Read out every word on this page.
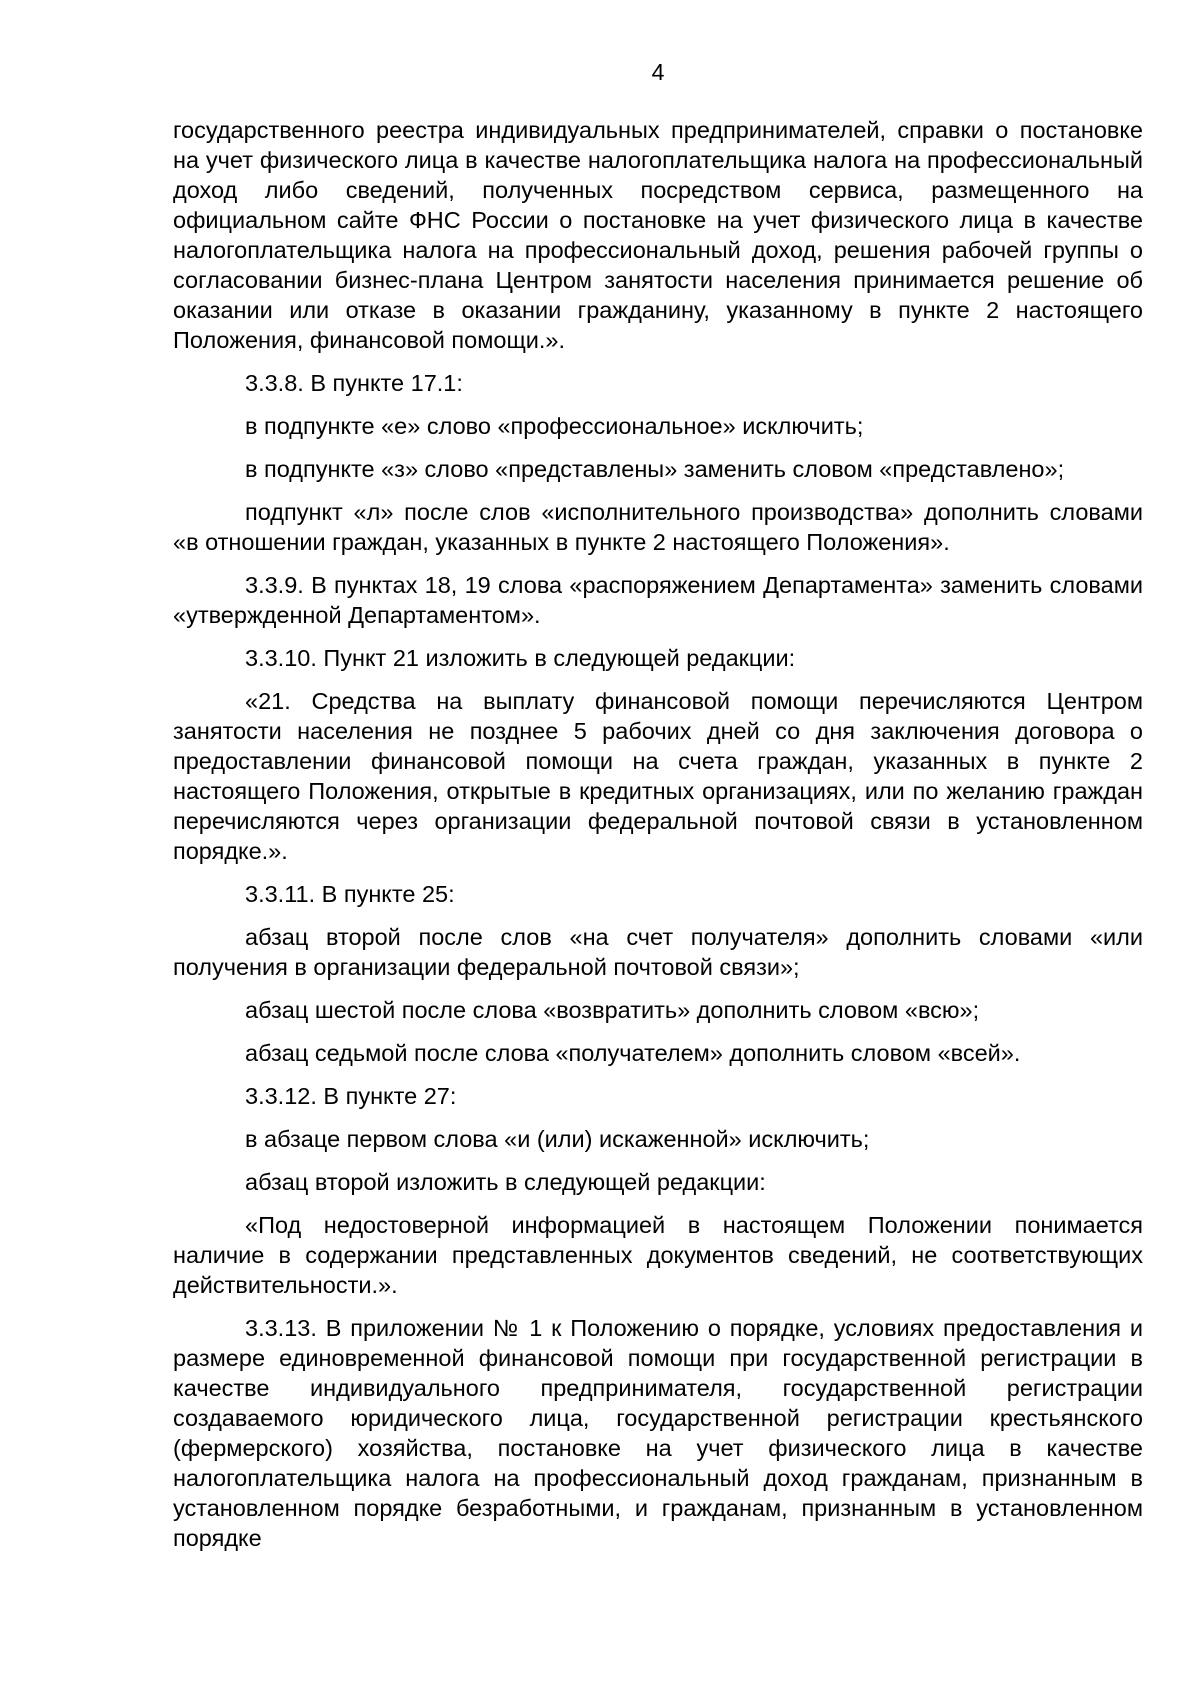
4

государственного реестра индивидуальных предпринимателей, справки о постановке на учет физического лица в качестве налогоплательщика налога на профессиональный доход либо сведений, полученных посредством сервиса, размещенного на официальном сайте ФНС России о постановке на учет физического лица в качестве налогоплательщика налога на профессиональный доход, решения рабочей группы о согласовании бизнес-плана Центром занятости населения принимается решение об оказании или отказе в оказании гражданину, указанному в пункте 2 настоящего Положения, финансовой помощи.».

3.3.8. В пункте 17.1:

в подпункте «е» слово «профессиональное» исключить;

в подпункте «з» слово «представлены» заменить словом «представлено»;

подпункт «л» после слов «исполнительного производства» дополнить словами «в отношении граждан, указанных в пункте 2 настоящего Положения».

3.3.9. В пунктах 18, 19 слова «распоряжением Департамента» заменить словами «утвержденной Департаментом».

3.3.10. Пункт 21 изложить в следующей редакции:

«21. Средства на выплату финансовой помощи перечисляются Центром занятости населения не позднее 5 рабочих дней со дня заключения договора о предоставлении финансовой помощи на счета граждан, указанных в пункте 2 настоящего Положения, открытые в кредитных организациях, или по желанию граждан перечисляются через организации федеральной почтовой связи в установленном порядке.».

3.3.11. В пункте 25:

абзац второй после слов «на счет получателя» дополнить словами «или получения в организации федеральной почтовой связи»;

абзац шестой после слова «возвратить» дополнить словом «всю»;

абзац седьмой после слова «получателем» дополнить словом «всей».

3.3.12. В пункте 27:

в абзаце первом слова «и (или) искаженной» исключить;

абзац второй изложить в следующей редакции:

«Под недостоверной информацией в настоящем Положении понимается наличие в содержании представленных документов сведений, не соответствующих действительности.».

3.3.13. В приложении № 1 к Положению о порядке, условиях предоставления и размере единовременной финансовой помощи при государственной регистрации в качестве индивидуального предпринимателя, государственной регистрации создаваемого юридического лица, государственной регистрации крестьянского (фермерского) хозяйства, постановке на учет физического лица в качестве налогоплательщика налога на профессиональный доход гражданам, признанным в установленном порядке безработными, и гражданам, признанным в установленном порядке
